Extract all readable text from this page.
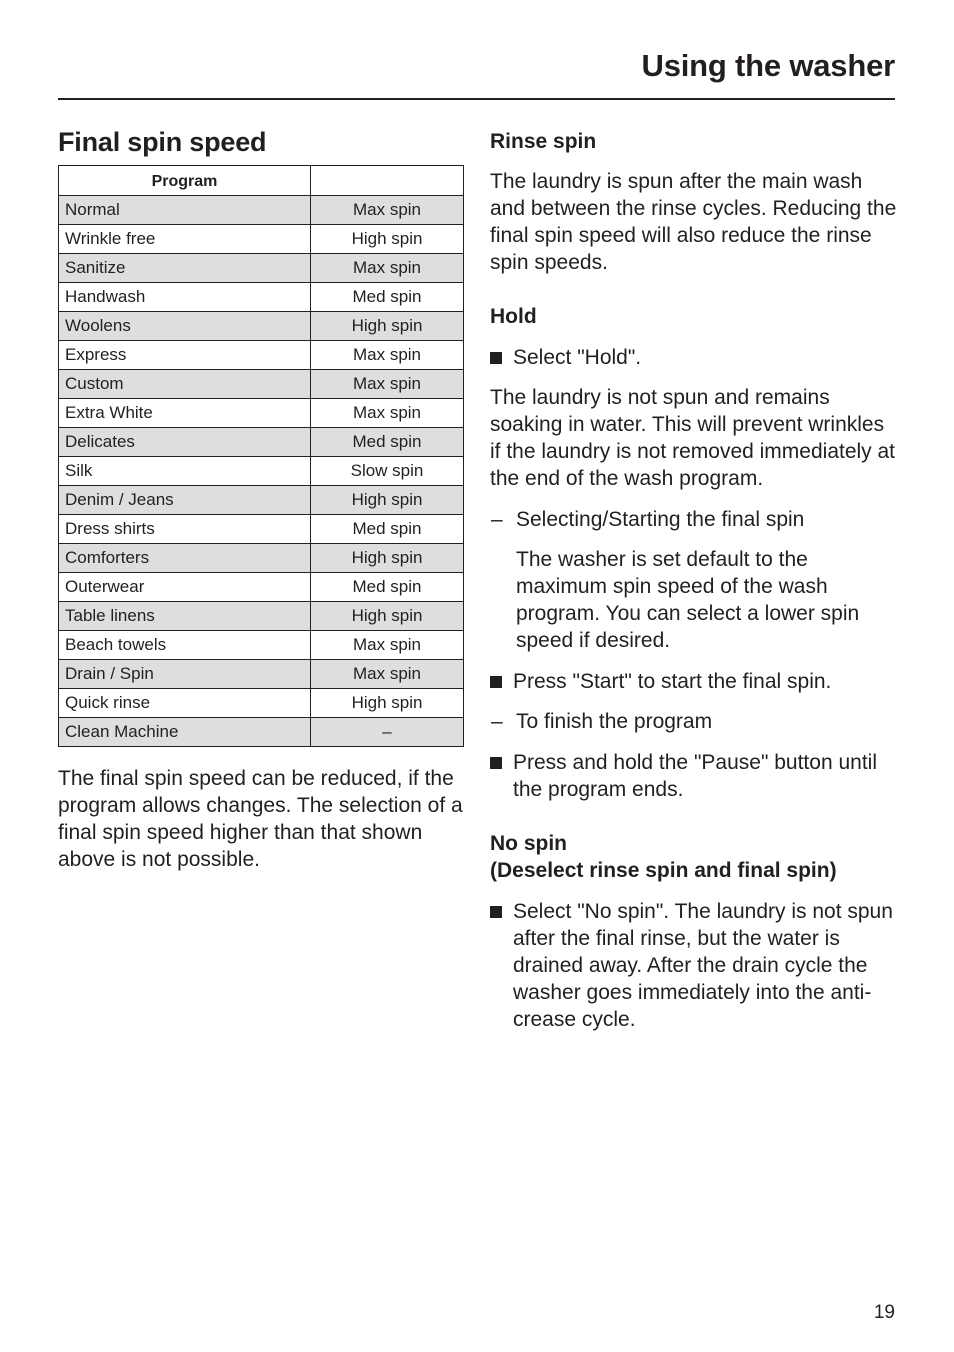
Using the washer
Final spin speed
Program	
Normal	Max spin
Wrinkle free	High spin
Sanitize	Max spin
Handwash	Med spin
Woolens	High spin
Express	Max spin
Custom	Max spin
Extra White	Max spin
Delicates	Med spin
Silk	Slow spin
Denim / Jeans	High spin
Dress shirts	Med spin
Comforters	High spin
Outerwear	Med spin
Table linens	High spin
Beach towels	Max spin
Drain / Spin	Max spin
Quick rinse	High spin
Clean Machine	–

The final spin speed can be reduced, if the program allows changes. The selection of a final spin speed higher than that shown above is not possible.

Rinse spin

The laundry is spun after the main wash and between the rinse cycles. Reducing the final spin speed will also reduce the rinse spin speeds.

Hold
Select "Hold".

The laundry is not spun and remains soaking in water. This will prevent wrinkles if the laundry is not removed immediately at the end of the wash program.

– Selecting/Starting the final spin

The washer is set default to the maximum spin speed of the wash program. You can select a lower spin speed if desired.

Press "Start" to start the final spin.
– To finish the program
Press and hold the "Pause" button until the program ends.
No spin
(Deselect rinse spin and final spin)
Select "No spin". The laundry is not spun after the final rinse, but the water is drained away. After the drain cycle the washer goes immediately into the anti-crease cycle.
19
